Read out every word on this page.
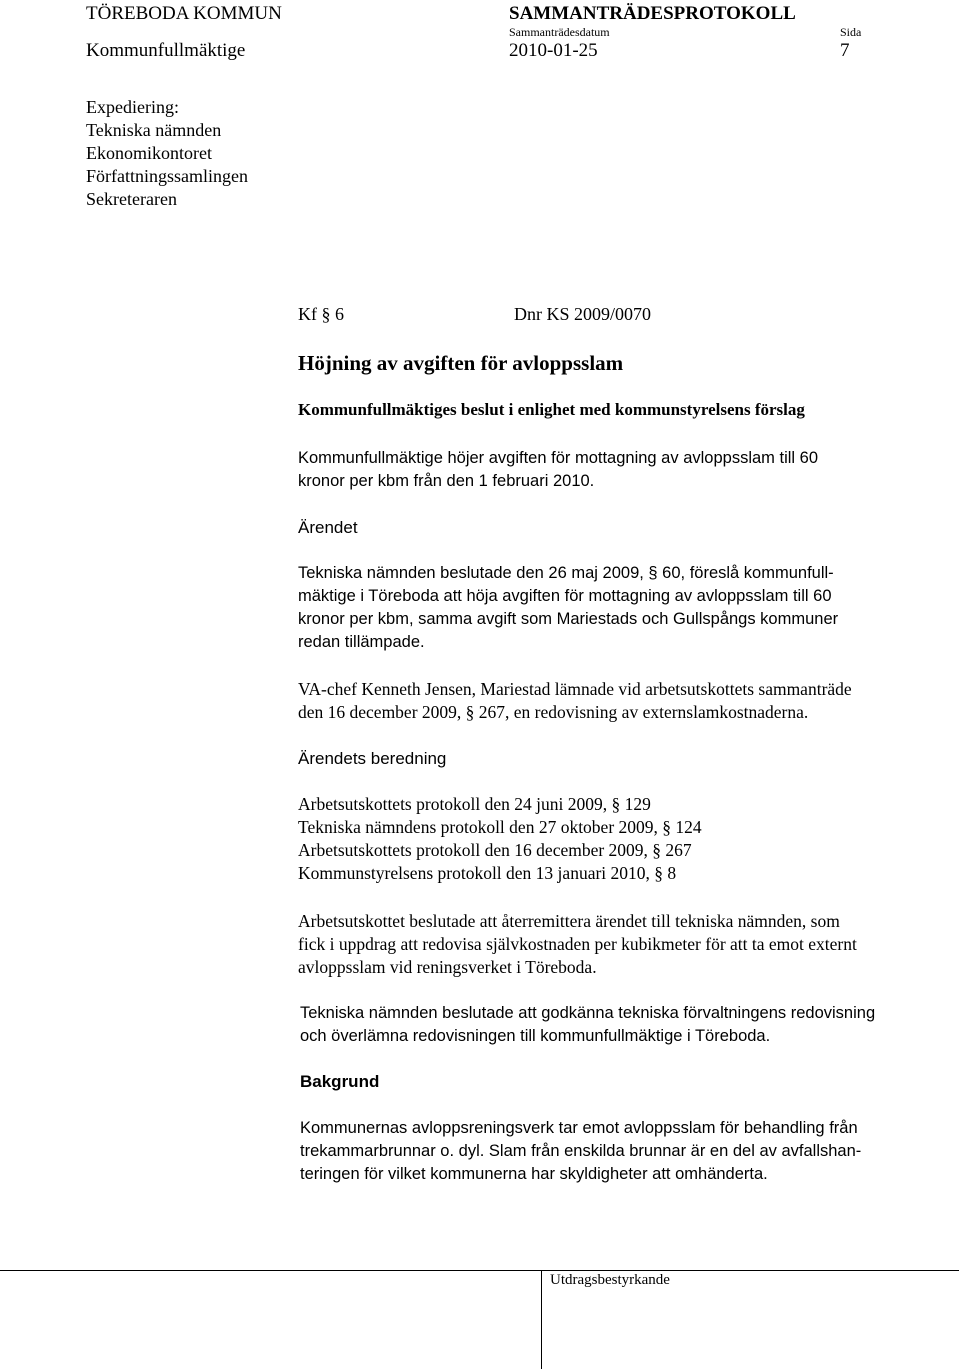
TÖREBODA KOMMUN	SAMMANTRÄDESPROTOKOLL
Sammanträdesdatum	Sida
Kommunfullmäktige	2010-01-25	7
Expediering:
Tekniska nämnden
Ekonomikontoret
Författningssamlingen
Sekreteraren
Kf § 6	Dnr KS 2009/0070
Höjning av avgiften för avloppsslam
Kommunfullmäktiges beslut i enlighet med kommunstyrelsens förslag
Kommunfullmäktige höjer avgiften för mottagning av avloppsslam till 60
kronor per kbm från den 1 februari 2010.
Ärendet
Tekniska nämnden beslutade den 26 maj 2009, § 60, föreslå kommunfull-
mäktige i Töreboda att höja avgiften för mottagning av avloppsslam till 60
kronor per kbm, samma avgift som Mariestads och Gullspångs kommuner
redan tillämpade.
VA-chef Kenneth Jensen, Mariestad lämnade vid arbetsutskottets sammanträde
den 16 december 2009, § 267, en redovisning av externslamkostnaderna.
Ärendets beredning
Arbetsutskottets protokoll den 24 juni 2009, § 129
Tekniska nämndens protokoll den 27 oktober 2009, § 124
Arbetsutskottets protokoll den 16 december 2009, § 267
Kommunstyrelsens protokoll den 13 januari 2010, § 8
Arbetsutskottet beslutade att återremittera ärendet till tekniska nämnden, som
fick i uppdrag att redovisa självkostnaden per kubikmeter för att ta emot externt
avloppsslam vid reningsverket i Töreboda.
Tekniska nämnden beslutade att godkänna tekniska förvaltningens redovisning
och överlämna redovisningen till kommunfullmäktige i Töreboda.
Bakgrund
Kommunernas avloppsreningsverk tar emot avloppsslam för behandling från
trekammarbrunnar o. dyl. Slam från enskilda brunnar är en del av avfallshan-
teringen för vilket kommunerna har skyldigheter att omhänderta.
Utdragsbestyrkande
